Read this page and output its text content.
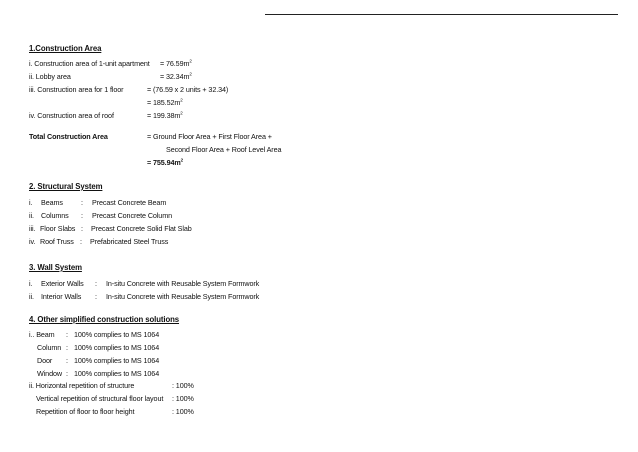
1.Construction Area
i. Construction area of 1-unit apartment = $76.59m^2$
ii. Lobby area	= $32.34m^2$
iii. Construction area for 1 floor	= (76.59 x 2 units + 32.34)
= $185.52m^2$
iv. Construction area of roof	= $199.38m^2$
Total Construction Area	= Ground Floor Area + First Floor Area +
Second Floor Area + Roof Level Area
= $755.94m^2$
2. Structural System
i. Beams	: Precast Concrete Beam
ii. Columns : Precast Concrete Column
iii. Floor Slabs : Precast Concrete Solid Flat Slab
iv. Roof Truss : Prefabricated Steel Truss
3. Wall System
i. Exterior Walls : In-situ Concrete with Reusable System Formwork
ii. Interior Walls : In-situ Concrete with Reusable System Formwork
4. Other simplified construction solutions
i.. Beam : 100% complies to MS 1064
Column : 100% complies to MS 1064
Door : 100% complies to MS 1064
Window : 100% complies to MS 1064
ii. Horizontal repetition of structure	: 100%
Vertical repetition of structural floor layout : 100%
Repetition of floor to floor height	: 100%
